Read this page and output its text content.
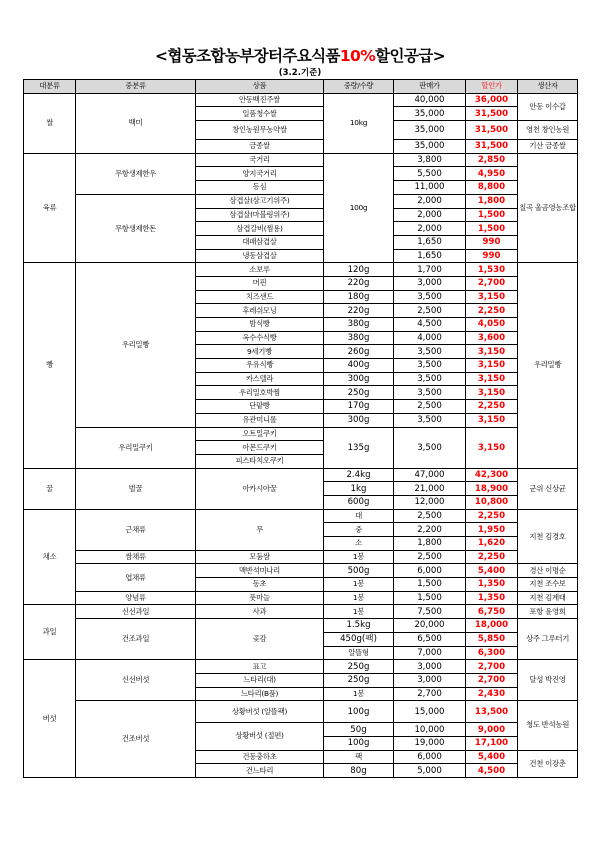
<협동조합농부장터주요식품10%할인공급>
(3.2.기준)
대분류	중분류	상품	중량/수량	판매가	할인가	생산자
쌀	백미	안동백진주쌀	10kg	40,000	36,000	안동 이수갑
		일품청수쌀		35,000	31,500	
		창인농원무농약쌀		35,000	31,500	영천 창인농원
		금종쌀		35,000	31,500	기산 금종쌀
육류	무항생제한우	국거리	100g	3,800	2,850	칠곡 울곰영농조합
		양지국거리		5,500	4,950	
		등심		11,000	8,800	
	무항생제한돈	삼겹살(삼고기위주)		2,000	1,800	
		삼겹살(마블링위주)		2,000	1,500	
		삼겹갈비(찜용)		2,000	1,500	
		대패삼겹살		1,650	990	
		냉동삼겹살		1,650	990	
빵	우리밀빵	소보루	120g	1,700	1,530	우리밀빵
		머핀	220g	3,000	2,700	
		치즈샌드	180g	3,500	3,150	
		후레쉬모닝	220g	2,500	2,250	
		밤식빵	380g	4,500	4,050	
		옥수수식빵	380g	4,000	3,600	
		9세기빵	260g	3,500	3,150	
		우유식빵	400g	3,500	3,150	
		카스텔라	300g	3,500	3,150	
		우리밀호박찜	250g	3,500	3,150	
		단팥빵	170g	2,500	2,250	
		유관미니롤	300g	3,500	3,150	
	우리밀쿠키	오트밀쿠키	135g	3,500	3,150	
		아몬드쿠키				
		피스타치오쿠키				
꿀	벌꿀	아카시아꿀	2.4kg	47,000	42,300	군위 신상균
			1kg	21,000	18,900	
			600g	12,000	10,800	
채소	근채류	무	대	2,500	2,250	지천 김경호
			중	2,200	1,950	
			소	1,800	1,620	
	쌈채류	모둠쌈	1봉	2,500	2,250	
	엽채류	맥반석미나리	500g	6,000	5,400	경산 이명순
		동초	1봉	1,500	1,350	지천 조수보
	양념류	풋마늘	1봉	1,500	1,350	지천 김계태
과일	신선과일	사과	1봉	7,500	6,750	포항 윤영희
	건조과일	곶감	1.5kg	20,000	18,000	상주 그루터기
			450g(팩)	6,500	5,850	
			알뜰형	7,000	6,300	
버섯	신선버섯	표고	250g	3,000	2,700	달성 박진영
		느타리(대)	250g	3,000	2,700	
		느타리(B품)	1봉	2,700	2,430	
	건조버섯	상황버섯 (알뜰팩)	100g	15,000	13,500	청도 반석농원
		상황버섯 (절편)	50g	10,000	9,000	
			100g	19,000	17,100	
		건동충하초	팩	6,000	5,400	건천 이장춘
		건느타리	80g	5,000	4,500	
